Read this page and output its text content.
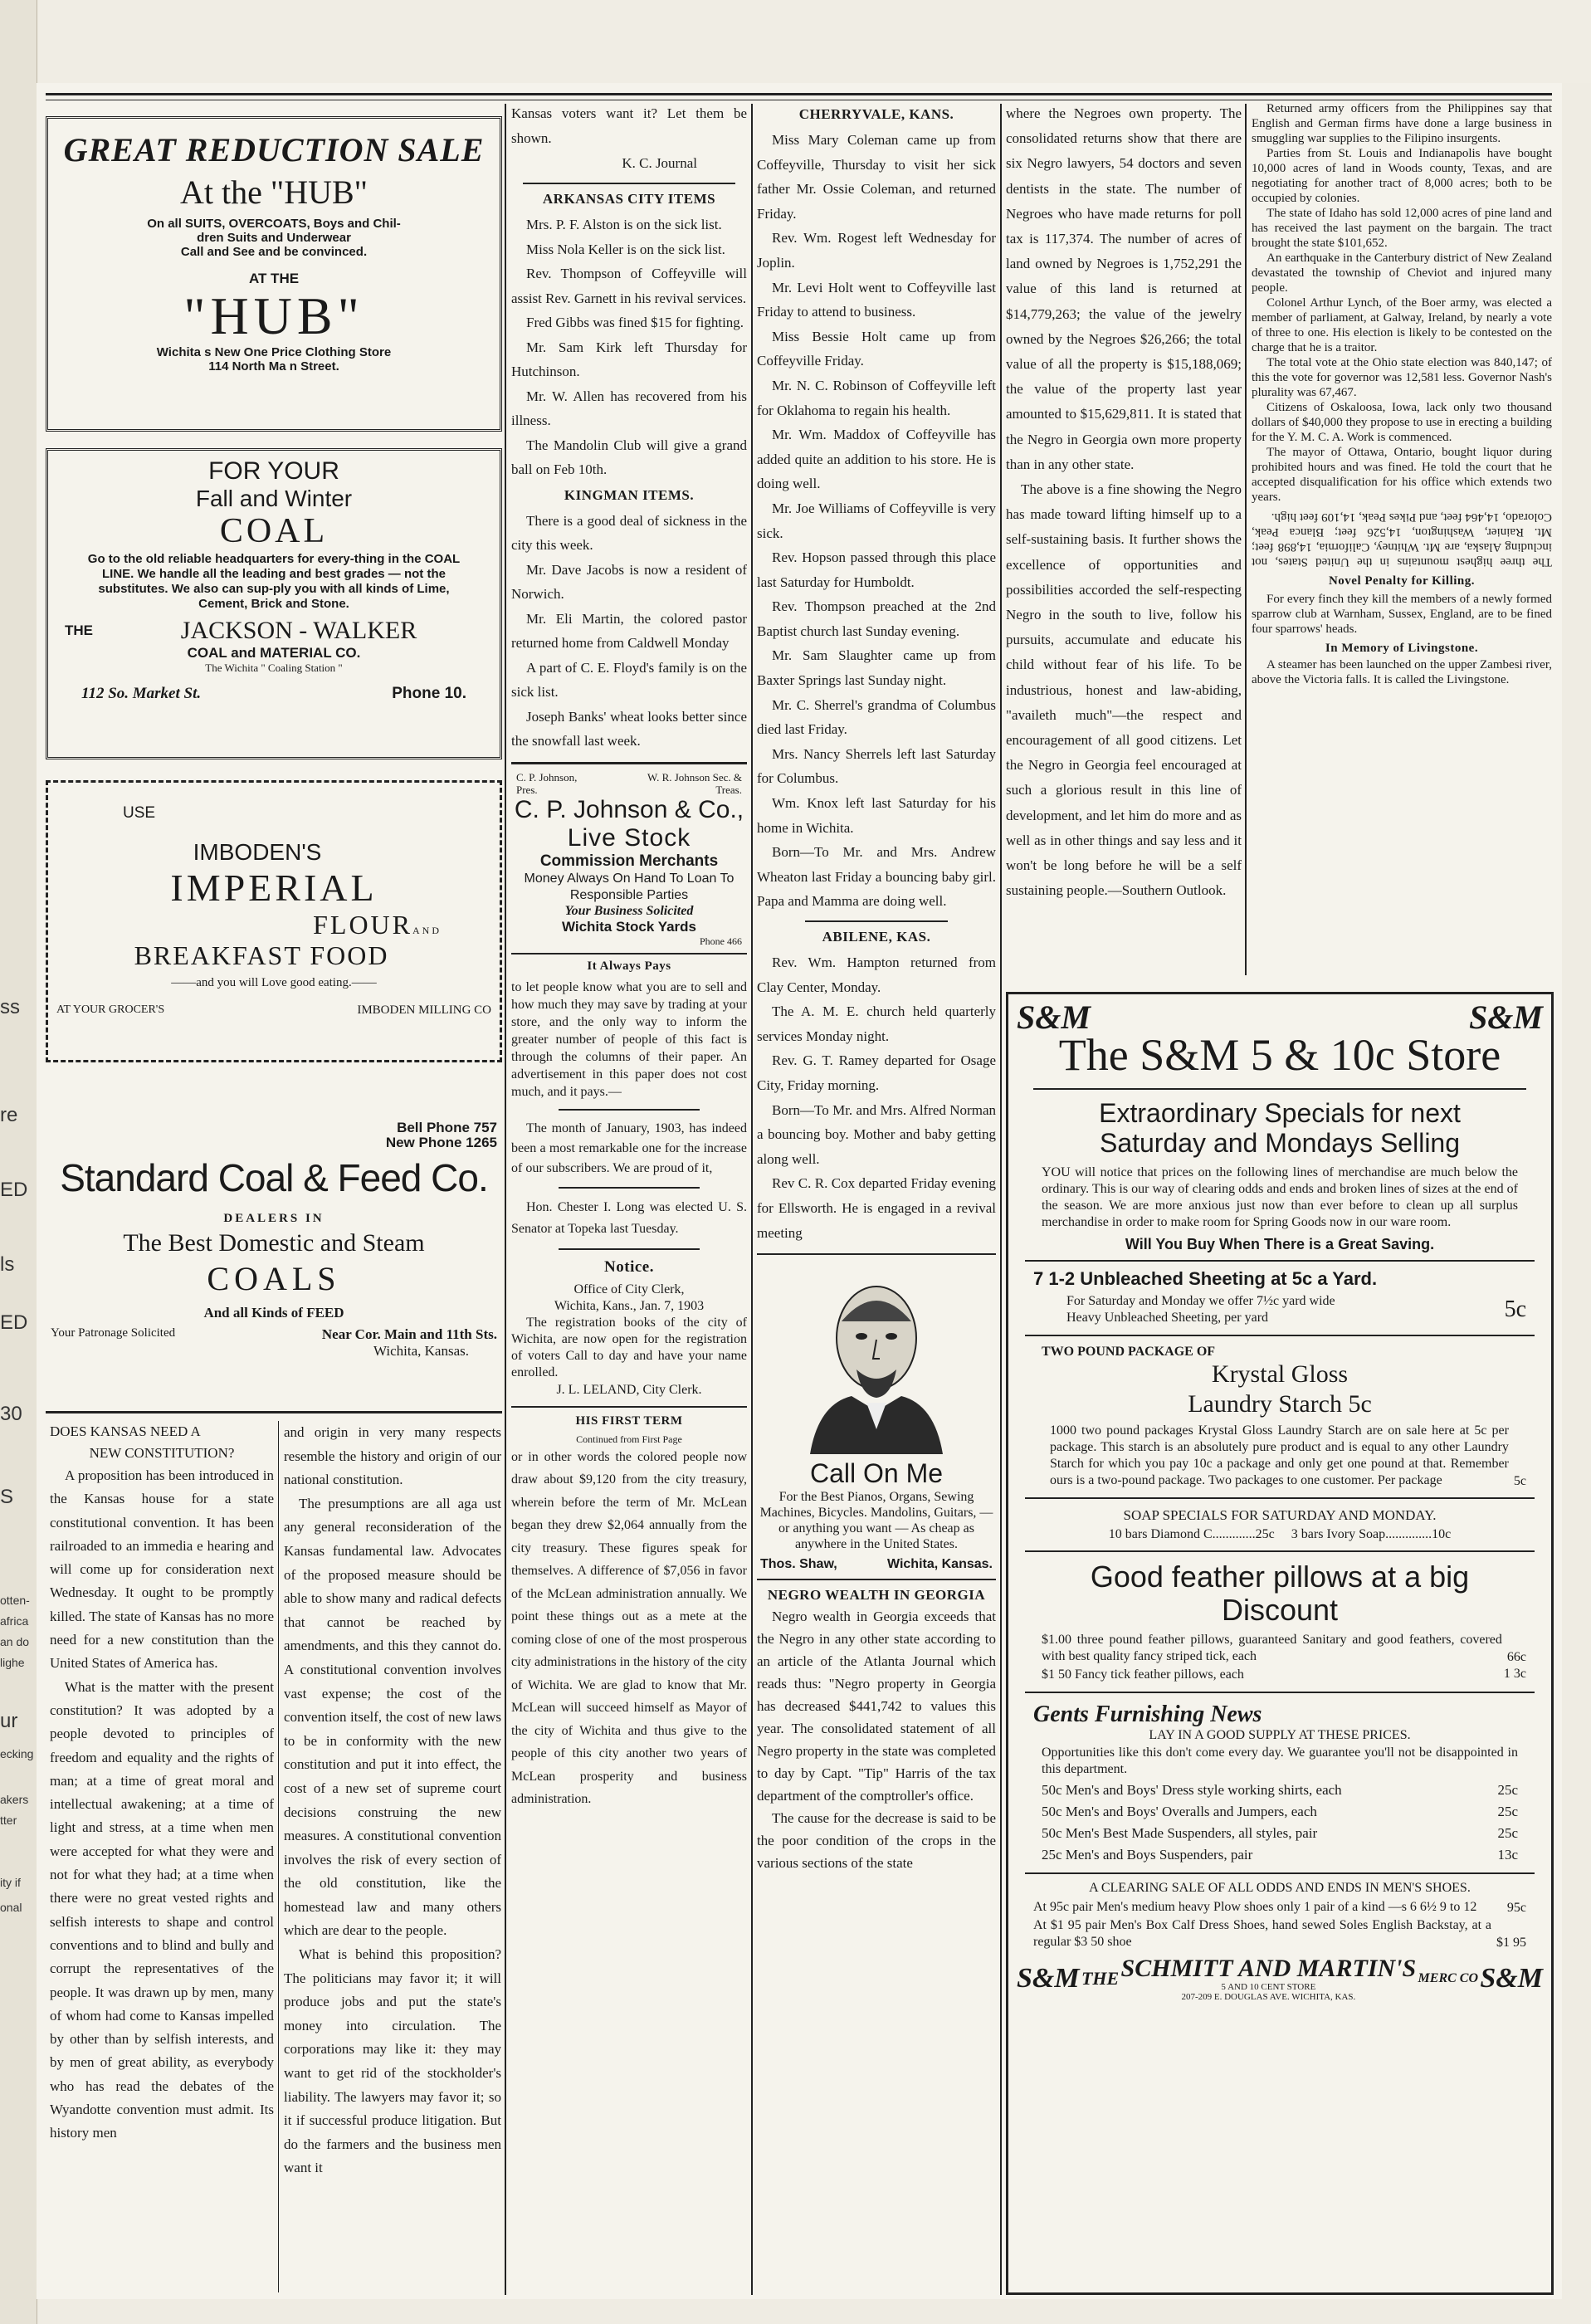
ss
re
ED
ls
ED
30
S
otten-
africa
an do
lighe
ur
ecking
akers
tter
ity if
onal
GREAT REDUCTION SALE
At the "HUB"
On all SUITS, OVERCOATS, Boys and Chil-
dren Suits and Underwear
Call and See and be convinced.
AT THE
"HUB"
Wichita s New One Price Clothing Store
114 North Ma n Street.
FOR YOUR
Fall and Winter
COAL
Go to the old reliable headquarters for every-thing in the COAL LINE. We handle all the leading and best grades — not the substitutes. We also can sup-ply you with all kinds of Lime, Cement, Brick and Stone.
THE	JACKSON - WALKER
COAL and MATERIAL CO.
The Wichita " Coaling Station "
112 So. Market St.	Phone 10.
USE
IMBODEN'S
IMPERIAL
FLOURAND
BREAKFAST FOOD
——and you will Love good eating.——
AT YOUR GROCER'S	IMBODEN MILLING CO
Bell Phone 757
New Phone 1265
Standard Coal & Feed Co.
DEALERS IN
The Best Domestic and Steam
COALS
And all Kinds of FEED
Your Patronage Solicited	Near Cor. Main and 11th Sts.
Wichita, Kansas.
DOES KANSAS NEED A
NEW CONSTITUTION?

A proposition has been introduced in the Kansas house for a state constitutional convention. It has been railroaded to an immedia e hearing and will come up for consideration next Wednesday. It ought to be promptly killed. The state of Kansas has no more need for a new constitution than the United States of America has.

What is the matter with the present constitution? It was adopted by a people devoted to principles of freedom and equality and the rights of man; at a time of great moral and intellectual awakening; at a time of light and stress, at a time when men were accepted for what they were and not for what they had; at a time when there were no great vested rights and selfish interests to shape and control conventions and to blind and bully and corrupt the representatives of the people. It was drawn up by men, many of whom had come to Kansas impelled by other than by selfish interests, and by men of great ability, as everybody who has read the debates of the Wyandotte convention must admit. Its history men

and origin in very many respects resemble the history and origin of our national constitution.

The presumptions are all aga ust any general reconsideration of the Kansas fundamental law. Advocates of the proposed measure should be able to show many and radical defects that cannot be reached by amendments, and this they cannot do. A constitutional convention involves vast expense; the cost of the convention itself, the cost of new laws to be in conformity with the new constitution and put it into effect, the cost of a new set of supreme court decisions construing the new measures. A constitutional convention involves the risk of every section of the old constitution, like the homestead law and many others which are dear to the people.

What is behind this proposition? The politicians may favor it; it will produce jobs and put the state's money into circulation. The corporations may like it: they may want to get rid of the stockholder's liability. The lawyers may favor it; so it if successful produce litigation. But do the farmers and the business men want it

Kansas voters want it? Let them be shown.

K. C. Journal
ARKANSAS CITY ITEMS

Mrs. P. F. Alston is on the sick list.

Miss Nola Keller is on the sick list.

Rev. Thompson of Coffeyville will assist Rev. Garnett in his revival services.

Fred Gibbs was fined $15 for fighting.

Mr. Sam Kirk left Thursday for Hutchinson.

Mr. W. Allen has recovered from his illness.

The Mandolin Club will give a grand ball on Feb 10th.

KINGMAN ITEMS.

There is a good deal of sickness in the city this week.

Mr. Dave Jacobs is now a resident of Norwich.

Mr. Eli Martin, the colored pastor returned home from Caldwell Monday

A part of C. E. Floyd's family is on the sick list.

Joseph Banks' wheat looks better since the snowfall last week.

C. P. Johnson, Pres.
W. R. Johnson Sec. & Treas.
C. P. Johnson & Co.,
Live Stock
Commission Merchants
Money Always On Hand To Loan To Responsible Parties
Your Business Solicited
Wichita Stock Yards
Phone 466
It Always Pays

to let people know what you are to sell and how much they may save by trading at your store, and the only way to inform the greater number of people of this fact is through the columns of their paper. An advertisement in this paper does not cost much, and it pays.—

The month of January, 1903, has indeed been a most remarkable one for the increase of our subscribers. We are proud of it,

Hon. Chester I. Long was elected U. S. Senator at Topeka last Tuesday.

Notice.
Office of City Clerk,
Wichita, Kans., Jan. 7, 1903

The registration books of the city of Wichita, are now open for the registration of voters Call to day and have your name enrolled.

J. L. LELAND, City Clerk.
HIS FIRST TERM
Continued from First Page

or in other words the colored people now draw about $9,120 from the city treasury, wherein before the term of Mr. McLean began they drew $2,064 annually from the city treasury. These figures speak for themselves. A difference of $7,056 in favor of the McLean administration annually. We point these things out as a mete at the coming close of one of the most prosperous city administrations in the history of the city of Wichita. We are glad to know that Mr. McLean will succeed himself as Mayor of the city of Wichita and thus give to the people of this city another two years of McLean prosperity and business administration.

CHERRYVALE, KANS.

Miss Mary Coleman came up from Coffeyville, Thursday to visit her sick father Mr. Ossie Coleman, and returned Friday.

Rev. Wm. Rogest left Wednesday for Joplin.

Mr. Levi Holt went to Coffeyville last Friday to attend to business.

Miss Bessie Holt came up from Coffeyville Friday.

Mr. N. C. Robinson of Coffeyville left for Oklahoma to regain his health.

Mr. Wm. Maddox of Coffeyville has added quite an addition to his store. He is doing well.

Mr. Joe Williams of Coffeyville is very sick.

Rev. Hopson passed through this place last Saturday for Humboldt.

Rev. Thompson preached at the 2nd Baptist church last Sunday evening.

Mr. Sam Slaughter came up from Baxter Springs last Sunday night.

Mr. C. Sherrel's grandma of Columbus died last Friday.

Mrs. Nancy Sherrels left last Saturday for Columbus.

Wm. Knox left last Saturday for his home in Wichita.

Born—To Mr. and Mrs. Andrew Wheaton last Friday a bouncing baby girl. Papa and Mamma are doing well.

ABILENE, KAS.

Rev. Wm. Hampton returned from Clay Center, Monday.

The A. M. E. church held quarterly services Monday night.

Rev. G. T. Ramey departed for Osage City, Friday morning.

Born—To Mr. and Mrs. Alfred Norman a bouncing boy. Mother and baby getting along well.

Rev C. R. Cox departed Friday evening for Ellsworth. He is engaged in a revival meeting

Call On Me

For the Best Pianos, Organs, Sewing Machines, Bicycles. Mandolins, Guitars, — or anything you want — As cheap as anywhere in the United States.

Thos. Shaw,	Wichita, Kansas.
NEGRO WEALTH IN GEORGIA

Negro wealth in Georgia exceeds that the Negro in any other state according to an article of the Atlanta Journal which reads thus: "Negro property in Georgia has decreased $441,742 to values this year. The consolidated statement of all Negro property in the state was completed to day by Capt. "Tip" Harris of the tax department of the comptroller's office.

The cause for the decrease is said to be the poor condition of the crops in the various sections of the state

where the Negroes own property. The consolidated returns show that there are six Negro lawyers, 54 doctors and seven dentists in the state. The number of Negroes who have made returns for poll tax is 117,374. The number of acres of land owned by Negroes is 1,752,291 the value of this land is returned at $14,779,263; the value of the jewelry owned by the Negroes $26,266; the total value of all the property is $15,188,069; the value of the property last year amounted to $15,629,811. It is stated that the Negro in Georgia own more property than in any other state.

The above is a fine showing the Negro has made toward lifting himself up to a self-sustaining basis. It further shows the excellence of opportunities and possibilities accorded the self-respecting Negro in the south to live, follow his pursuits, accumulate and educate his child without fear of his life. To be industrious, honest and law-abiding, "availeth much"—the respect and encouragement of all good citizens. Let the Negro in Georgia feel encouraged at such a glorious result in this line of development, and let him do more and as well as in other things and say less and it won't be long before he will be a self sustaining people.—Southern Outlook.

Returned army officers from the Philippines say that English and German firms have done a large business in smuggling war supplies to the Filipino insurgents.

Parties from St. Louis and Indianapolis have bought 10,000 acres of land in Woods county, Texas, and are negotiating for another tract of 8,000 acres; both to be occupied by colonies.

The state of Idaho has sold 12,000 acres of pine land and has received the last payment on the bargain. The tract brought the state $101,652.

An earthquake in the Canterbury district of New Zealand devastated the township of Cheviot and injured many people.

Colonel Arthur Lynch, of the Boer army, was elected a member of parliament, at Galway, Ireland, by nearly a vote of three to one. His election is likely to be contested on the charge that he is a traitor.

The total vote at the Ohio state election was 840,147; of this the vote for governor was 12,581 less. Governor Nash's plurality was 67,467.

Citizens of Oskaloosa, Iowa, lack only two thousand dollars of $40,000 they propose to use in erecting a building for the Y. M. C. A. Work is commenced.

The mayor of Ottawa, Ontario, bought liquor during prohibited hours and was fined. He told the court that he accepted disqualification for his office which extends two years.

The three highest mountains in the United States, not including Alaska, are Mt. Whitney, California, 14,898 feet; Mt. Rainier, Washington, 14,526 feet; Blanca Peak, Colorado, 14,464 feet, and Pikes Peak, 14,109 feet high.

Novel Penalty for Killing.

For every finch they kill the members of a newly formed sparrow club at Warnham, Sussex, England, are to be fined four sparrows' heads.

In Memory of Livingstone.

A steamer has been launched on the upper Zambesi river, above the Victoria falls. It is called the Livingstone.

S&M	S&M
The S&M 5 & 10c Store
Extraordinary Specials for next
Saturday and Mondays Selling

YOU will notice that prices on the following lines of merchandise are much below the ordinary. This is our way of clearing odds and ends and broken lines of sizes at the end of the season. We are more anxious just now than ever before to clean up all surplus merchandise in order to make room for Spring Goods now in our ware room.

Will You Buy When There is a Great Saving.
7 1-2 Unbleached Sheeting at 5c a Yard.
For Saturday and Monday we offer 7½c yard wide
Heavy Unbleached Sheeting, per yard	5c
TWO POUND PACKAGE OF
Krystal Gloss
Laundry Starch 5c

1000 two pound packages Krystal Gloss Laundry Starch are on sale here at 5c per package. This starch is an absolutely pure product and is equal to any other Laundry Starch for which you pay 10c a package and only get one pound at that. Remember ours is a two-pound package. Two packages to one customer. Per package	5c
SOAP SPECIALS FOR SATURDAY AND MONDAY.
10 bars Diamond C.............25c 3 bars Ivory Soap..............10c
Good feather pillows at a big
Discount

$1.00 three pound feather pillows, guaranteed Sanitary and good feathers, covered with best quality fancy striped tick, each	66c

$1 50 Fancy tick feather pillows, each	1 3c
Gents Furnishing News
LAY IN A GOOD SUPPLY AT THESE PRICES.

Opportunities like this don't come every day. We guarantee you'll not be disappointed in this department.

50c Men's and Boys' Dress style working shirts, each	25c
50c Men's and Boys' Overalls and Jumpers, each	25c
50c Men's Best Made Suspenders, all styles, pair	25c
25c Men's and Boys Suspenders, pair	13c
A CLEARING SALE OF ALL ODDS AND ENDS IN MEN'S SHOES.

At 95c pair Men's medium heavy Plow shoes only 1 pair of a kind —s 6 6½ 9 to 12	95c

At $1 95 pair Men's Box Calf Dress Shoes, hand sewed Soles English Backstay, at a regular $3 50 shoe	$1 95
S&M THE SCHMITT AND MARTIN'S
5 AND 10 CENT STORE
207-209 E. DOUGLAS AVE. WICHITA, KAS.
MERC CO S&M
